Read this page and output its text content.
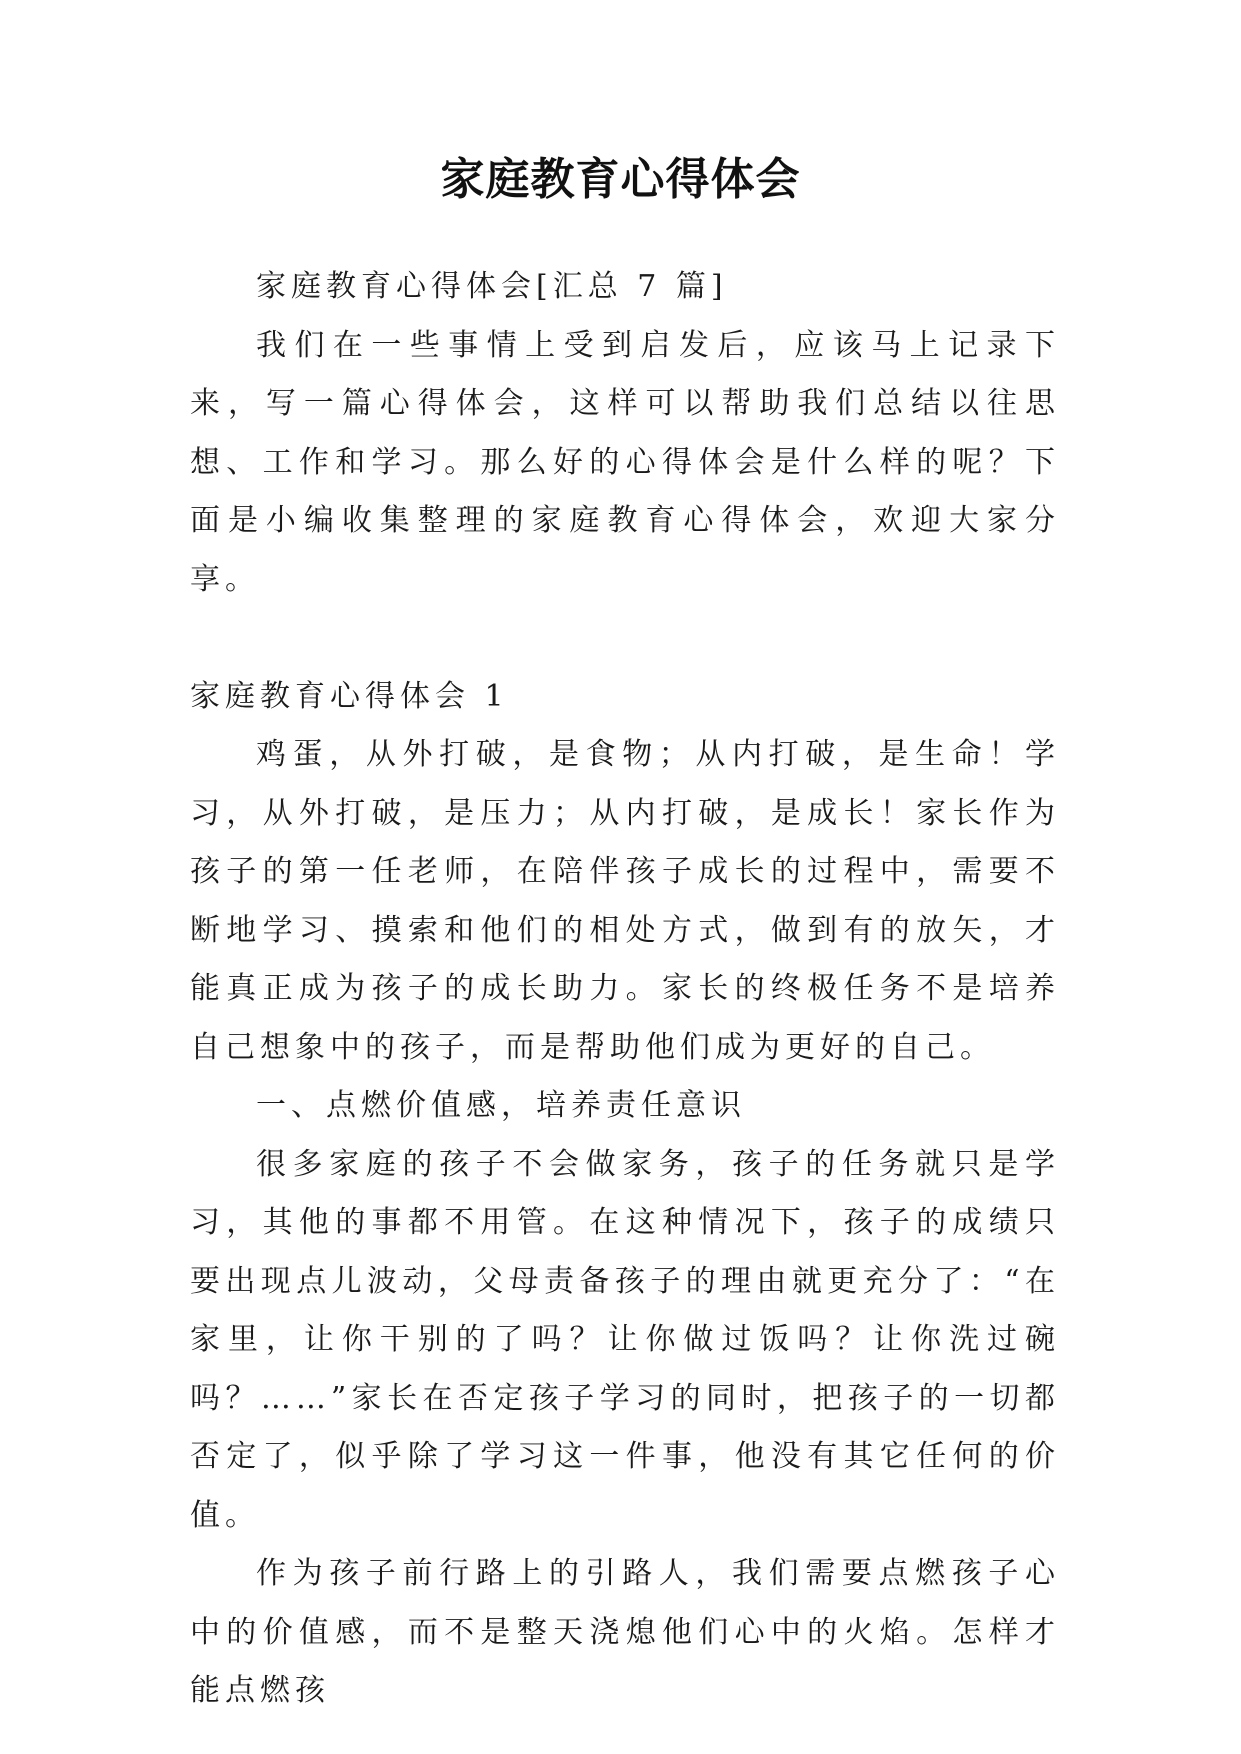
家庭教育心得体会

家庭教育心得体会[汇总 7 篇]

我们在一些事情上受到启发后，应该马上记录下来，写一篇心得体会，这样可以帮助我们总结以往思想、工作和学习。那么好的心得体会是什么样的呢？下面是小编收集整理的家庭教育心得体会，欢迎大家分享。

家庭教育心得体会 1

鸡蛋，从外打破，是食物；从内打破，是生命！学习，从外打破，是压力；从内打破，是成长！家长作为孩子的第一任老师，在陪伴孩子成长的过程中，需要不断地学习、摸索和他们的相处方式，做到有的放矢，才能真正成为孩子的成长助力。家长的终极任务不是培养自己想象中的孩子，而是帮助他们成为更好的自己。

一、点燃价值感，培养责任意识

很多家庭的孩子不会做家务，孩子的任务就只是学习，其他的事都不用管。在这种情况下，孩子的成绩只要出现点儿波动，父母责备孩子的理由就更充分了：“在家里，让你干别的了吗？让你做过饭吗？让你洗过碗吗？……”家长在否定孩子学习的同时，把孩子的一切都否定了，似乎除了学习这一件事，他没有其它任何的价值。

作为孩子前行路上的引路人，我们需要点燃孩子心中的价值感，而不是整天浇熄他们心中的火焰。怎样才能点燃孩
